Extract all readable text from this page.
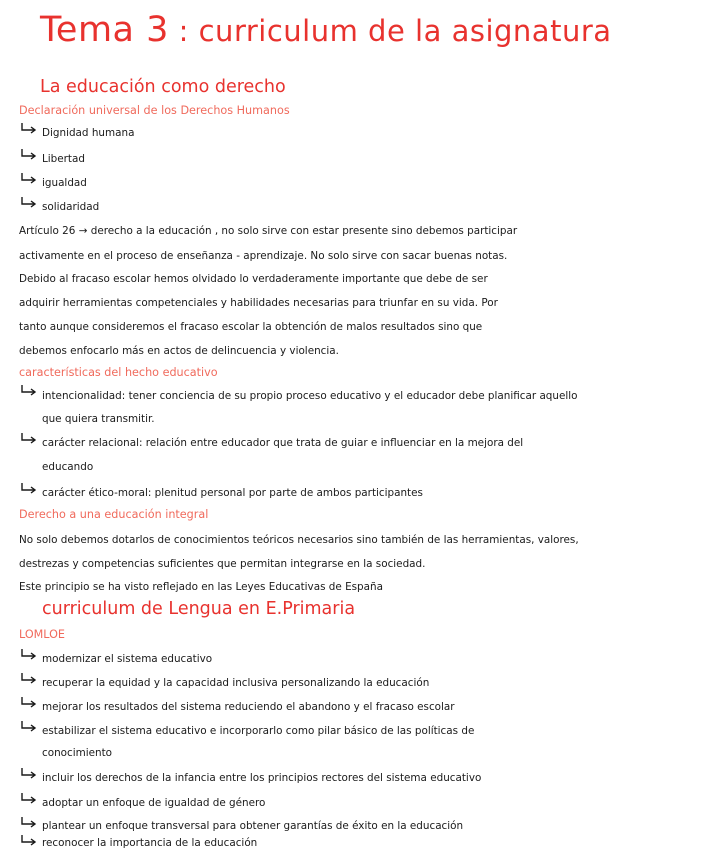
Tema 3 : curriculum de la asignatura
La educación como derecho
Declaración universal de los Derechos Humanos
Dignidad humana
Libertad
igualdad
solidaridad
Artículo 26 → derecho a la educación , no solo sirve con estar presente sino debemos participar
activamente en el proceso de enseñanza - aprendizaje. No solo sirve con sacar buenas notas.
Debido al fracaso escolar hemos olvidado lo verdaderamente importante que debe de ser
adquirir herramientas competenciales y habilidades necesarias para triunfar en su vida. Por
tanto aunque consideremos el fracaso escolar la obtención de malos resultados sino que
debemos enfocarlo más en actos de delincuencia y violencia.
características del hecho educativo
intencionalidad: tener conciencia de su propio proceso educativo y el educador debe planificar aquello
que quiera transmitir.
carácter relacional: relación entre educador que trata de guiar e influenciar en la mejora del
educando
carácter ético-moral: plenitud personal por parte de ambos participantes
Derecho a una educación integral
No solo debemos dotarlos de conocimientos teóricos necesarios sino también de las herramientas, valores,
destrezas y competencias suficientes que permitan integrarse en la sociedad.
Este principio se ha visto reflejado en las Leyes Educativas de España
curriculum de Lengua en E.Primaria
LOMLOE
modernizar el sistema educativo
recuperar la equidad y la capacidad inclusiva personalizando la educación
mejorar los resultados del sistema reduciendo el abandono y el fracaso escolar
estabilizar el sistema educativo e incorporarlo como pilar básico de las políticas de
conocimiento
incluir los derechos de la infancia entre los principios rectores del sistema educativo
adoptar un enfoque de igualdad de género
plantear un enfoque transversal para obtener garantías de éxito en la educación
reconocer la importancia de la educación
